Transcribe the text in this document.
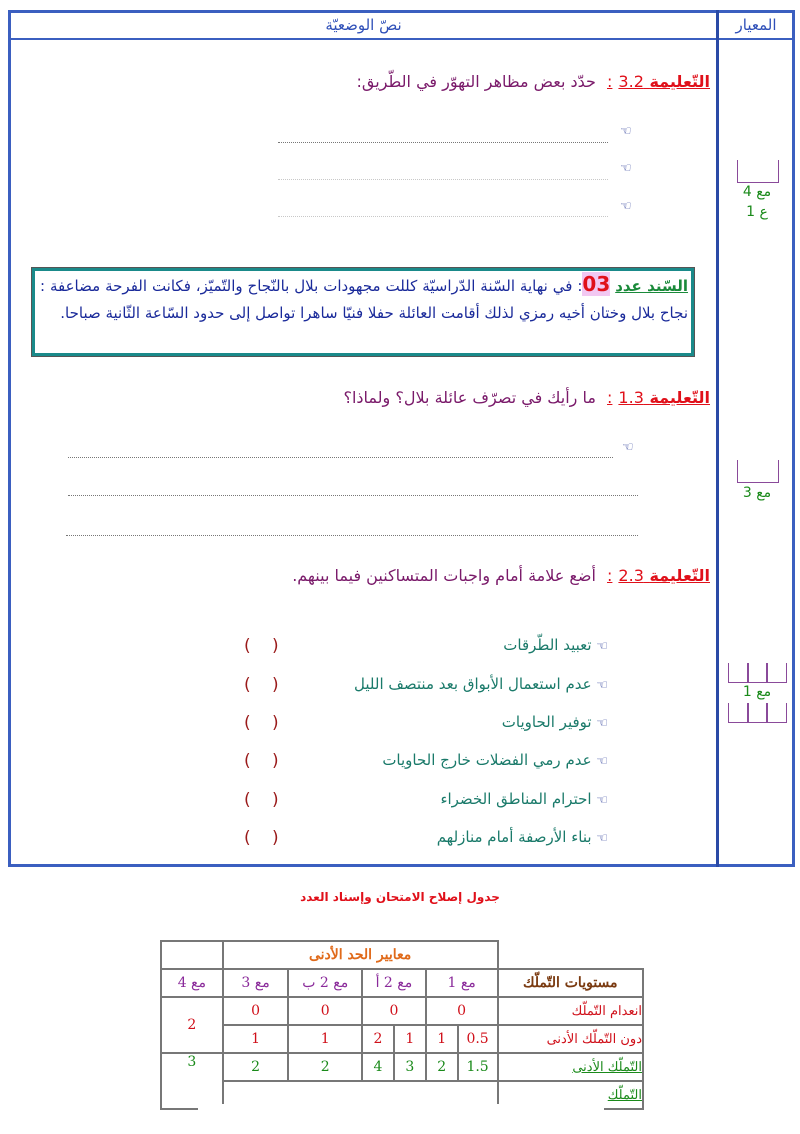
نصّ الوضعيّة	المعيار
التّعليمة 3.2: حدّد بعض مظاهر التهوّر في الطّريق:
☜
☜
☜
مع 4
ع 1
السّند عدد 03: في نهاية السّنة الدّراسيّة كللت مجهودات بلال بالنّجاح والتّميّز، فكانت الفرحة مضاعفة : نجاح بلال وختان أخيه رمزي لذلك أقامت العائلة حفلا فنيّا ساهرا تواصل إلى حدود السّاعة الثّانية صباحا.
التّعليمة 1.3: ما رأيك في تصرّف عائلة بلال؟ ولماذا؟
☜
مع 3
التّعليمة 2.3: أضع علامة أمام واجبات المتساكنين فيما بينهم.
☜ تعبيد الطّرقات
( )
☜ عدم استعمال الأبواق بعد منتصف الليل
( )
☜ توفير الحاويات
( )
☜ عدم رمي الفضلات خارج الحاويات
( )
☜ احترام المناطق الخضراء
( )
☜ بناء الأرصفة أمام منازلهم
( )
مع 1
جدول إصلاح الامتحان وإسناد العدد
	معايير الحد الأدنى						
مع 4	مع 3	مع 2 ب	مع 2 أ		مع 1		مستويات التّملّك
2	0	0	0		0		انعدام التّملّك
	1	1	2	1	1	0.5	دون التّملّك الأدنى
3	2	2	4	3	2	1.5	التّملّك الأدنى
							التّملّك
